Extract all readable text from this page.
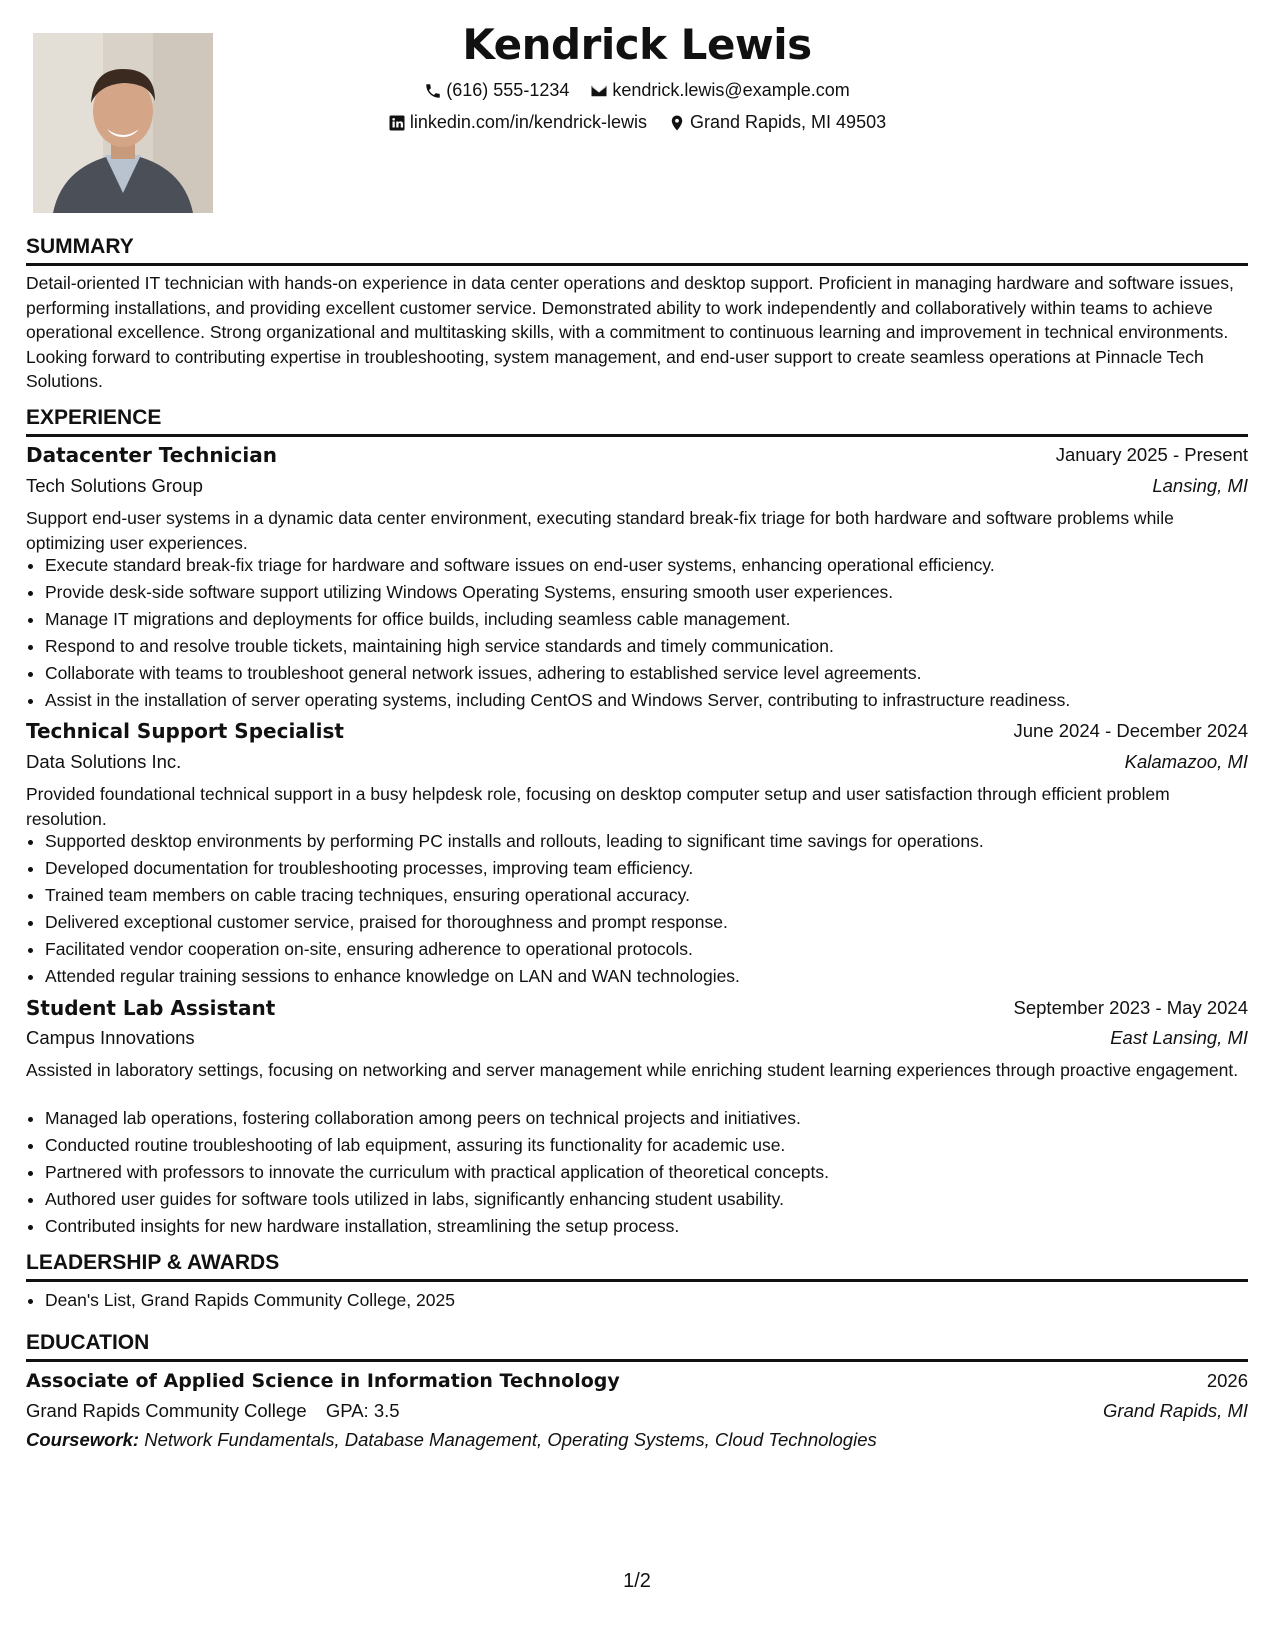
Kendrick Lewis
(616) 555-1234
kendrick.lewis@example.com
linkedin.com/in/kendrick-lewis
Grand Rapids, MI 49503
SUMMARY
Detail-oriented IT technician with hands-on experience in data center operations and desktop support. Proficient in managing hardware and software issues, performing installations, and providing excellent customer service. Demonstrated ability to work independently and collaboratively within teams to achieve operational excellence. Strong organizational and multitasking skills, with a commitment to continuous learning and improvement in technical environments. Looking forward to contributing expertise in troubleshooting, system management, and end-user support to create seamless operations at Pinnacle Tech Solutions.
EXPERIENCE
Datacenter Technician	January 2025 - Present
Tech Solutions Group	Lansing, MI
Support end-user systems in a dynamic data center environment, executing standard break-fix triage for both hardware and software problems while optimizing user experiences.
• Execute standard break-fix triage for hardware and software issues on end-user systems, enhancing operational efficiency.
• Provide desk-side software support utilizing Windows Operating Systems, ensuring smooth user experiences.
• Manage IT migrations and deployments for office builds, including seamless cable management.
• Respond to and resolve trouble tickets, maintaining high service standards and timely communication.
• Collaborate with teams to troubleshoot general network issues, adhering to established service level agreements.
• Assist in the installation of server operating systems, including CentOS and Windows Server, contributing to infrastructure readiness.
Technical Support Specialist	June 2024 - December 2024
Data Solutions Inc.	Kalamazoo, MI
Provided foundational technical support in a busy helpdesk role, focusing on desktop computer setup and user satisfaction through efficient problem resolution.
• Supported desktop environments by performing PC installs and rollouts, leading to significant time savings for operations.
• Developed documentation for troubleshooting processes, improving team efficiency.
• Trained team members on cable tracing techniques, ensuring operational accuracy.
• Delivered exceptional customer service, praised for thoroughness and prompt response.
• Facilitated vendor cooperation on-site, ensuring adherence to operational protocols.
• Attended regular training sessions to enhance knowledge on LAN and WAN technologies.
Student Lab Assistant	September 2023 - May 2024
Campus Innovations	East Lansing, MI
Assisted in laboratory settings, focusing on networking and server management while enriching student learning experiences through proactive engagement.
• Managed lab operations, fostering collaboration among peers on technical projects and initiatives.
• Conducted routine troubleshooting of lab equipment, assuring its functionality for academic use.
• Partnered with professors to innovate the curriculum with practical application of theoretical concepts.
• Authored user guides for software tools utilized in labs, significantly enhancing student usability.
• Contributed insights for new hardware installation, streamlining the setup process.
LEADERSHIP & AWARDS
• Dean's List, Grand Rapids Community College, 2025
EDUCATION
Associate of Applied Science in Information Technology	2026
Grand Rapids Community College GPA: 3.5	Grand Rapids, MI
Coursework: Network Fundamentals, Database Management, Operating Systems, Cloud Technologies
1/2
